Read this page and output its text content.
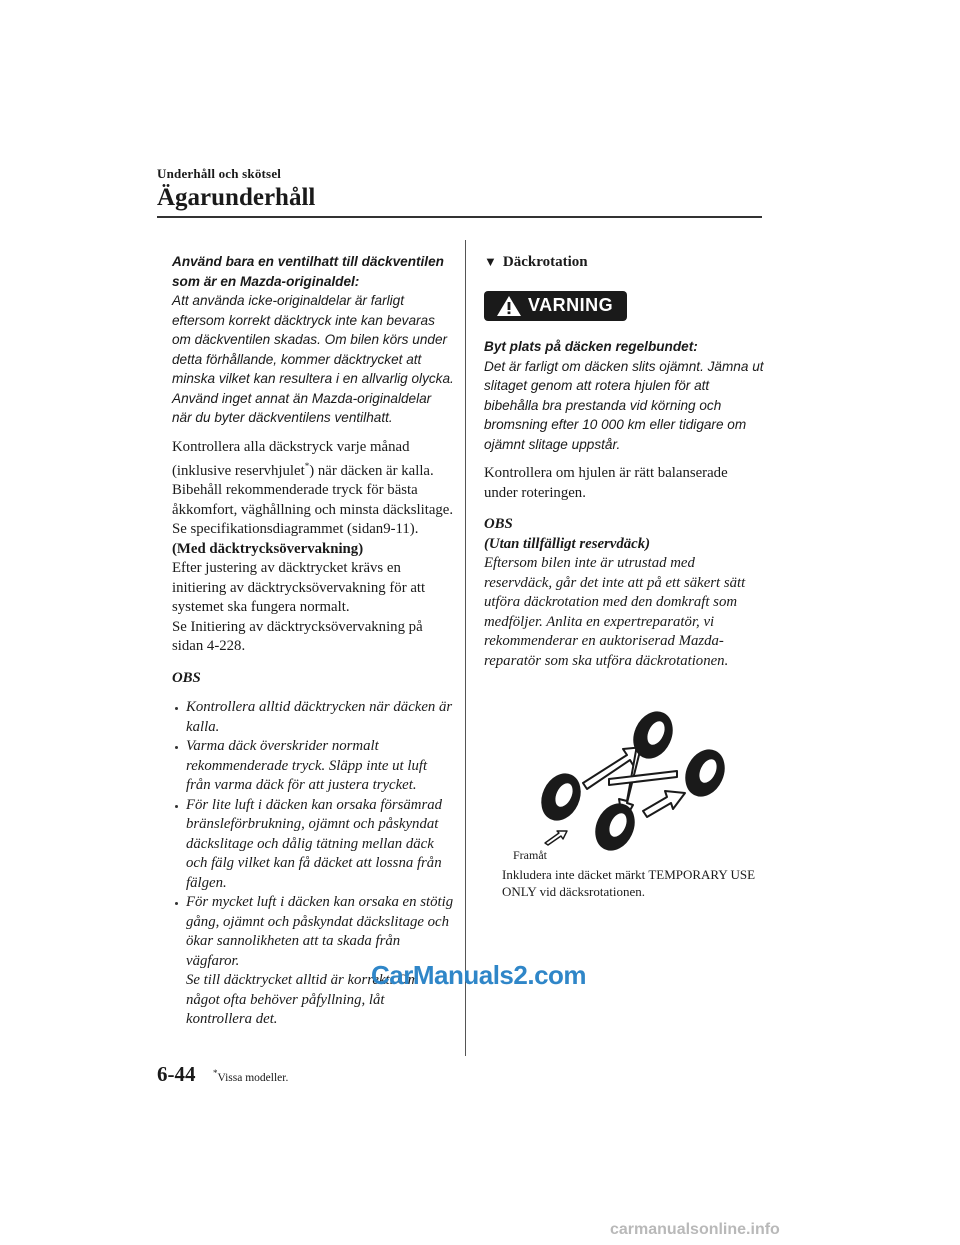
Underhåll och skötsel
Ägarunderhåll
Använd bara en ventilhatt till däckventilen
som är en Mazda-originaldel:
Att använda icke-originaldelar är farligt eftersom korrekt däcktryck inte kan bevaras om däckventilen skadas. Om bilen körs under detta förhållande, kommer däcktrycket att minska vilket kan resultera i en allvarlig olycka. Använd inget annat än Mazda-originaldelar när du byter däckventilens ventilhatt.

Kontrollera alla däckstryck varje månad (inklusive reservhjulet*) när däcken är kalla. Bibehåll rekommenderade tryck för bästa åkkomfort, väghållning och minsta däckslitage.

Se specifikationsdiagrammet (sidan9-11).

(Med däcktrycksövervakning)

Efter justering av däcktrycket krävs en initiering av däcktrycksövervakning för att systemet ska fungera normalt.

Se Initiering av däcktrycksövervakning på sidan 4-228.

OBS

Kontrollera alltid däcktrycken när däcken är kalla.
Varma däck överskrider normalt rekommenderade tryck. Släpp inte ut luft från varma däck för att justera trycket.
För lite luft i däcken kan orsaka försämrad bränsleförbrukning, ojämnt och påskyndat däckslitage och dålig tätning mellan däck och fälg vilket kan få däcket att lossna från fälgen.
För mycket luft i däcken kan orsaka en stötig gång, ojämnt och påskyndat däckslitage och ökar sannolikheten att ta skada från vägfaror.

Se till däcktrycket alltid är korrekt. Om något ofta behöver påfyllning, låt kontrollera det.

▼ Däckrotation
VARNING
Byt plats på däcken regelbundet:
Det är farligt om däcken slits ojämnt. Jämna ut slitaget genom att rotera hjulen för att bibehålla bra prestanda vid körning och bromsning efter 10 000 km eller tidigare om ojämnt slitage uppstår.

Kontrollera om hjulen är rätt balanserade under roteringen.

OBS

(Utan tillfälligt reservdäck)

Eftersom bilen inte är utrustad med reservdäck, går det inte att på ett säkert sätt utföra däckrotation med den domkraft som medföljer. Anlita en expertreparatör, vi rekommenderar en auktoriserad Mazda-reparatör som ska utföra däckrotationen.

Framåt
Inkludera inte däcket märkt TEMPORARY USE ONLY vid däcksrotationen.
CarManuals2.com
6-44 *Vissa modeller.
carmanualsonline.info
